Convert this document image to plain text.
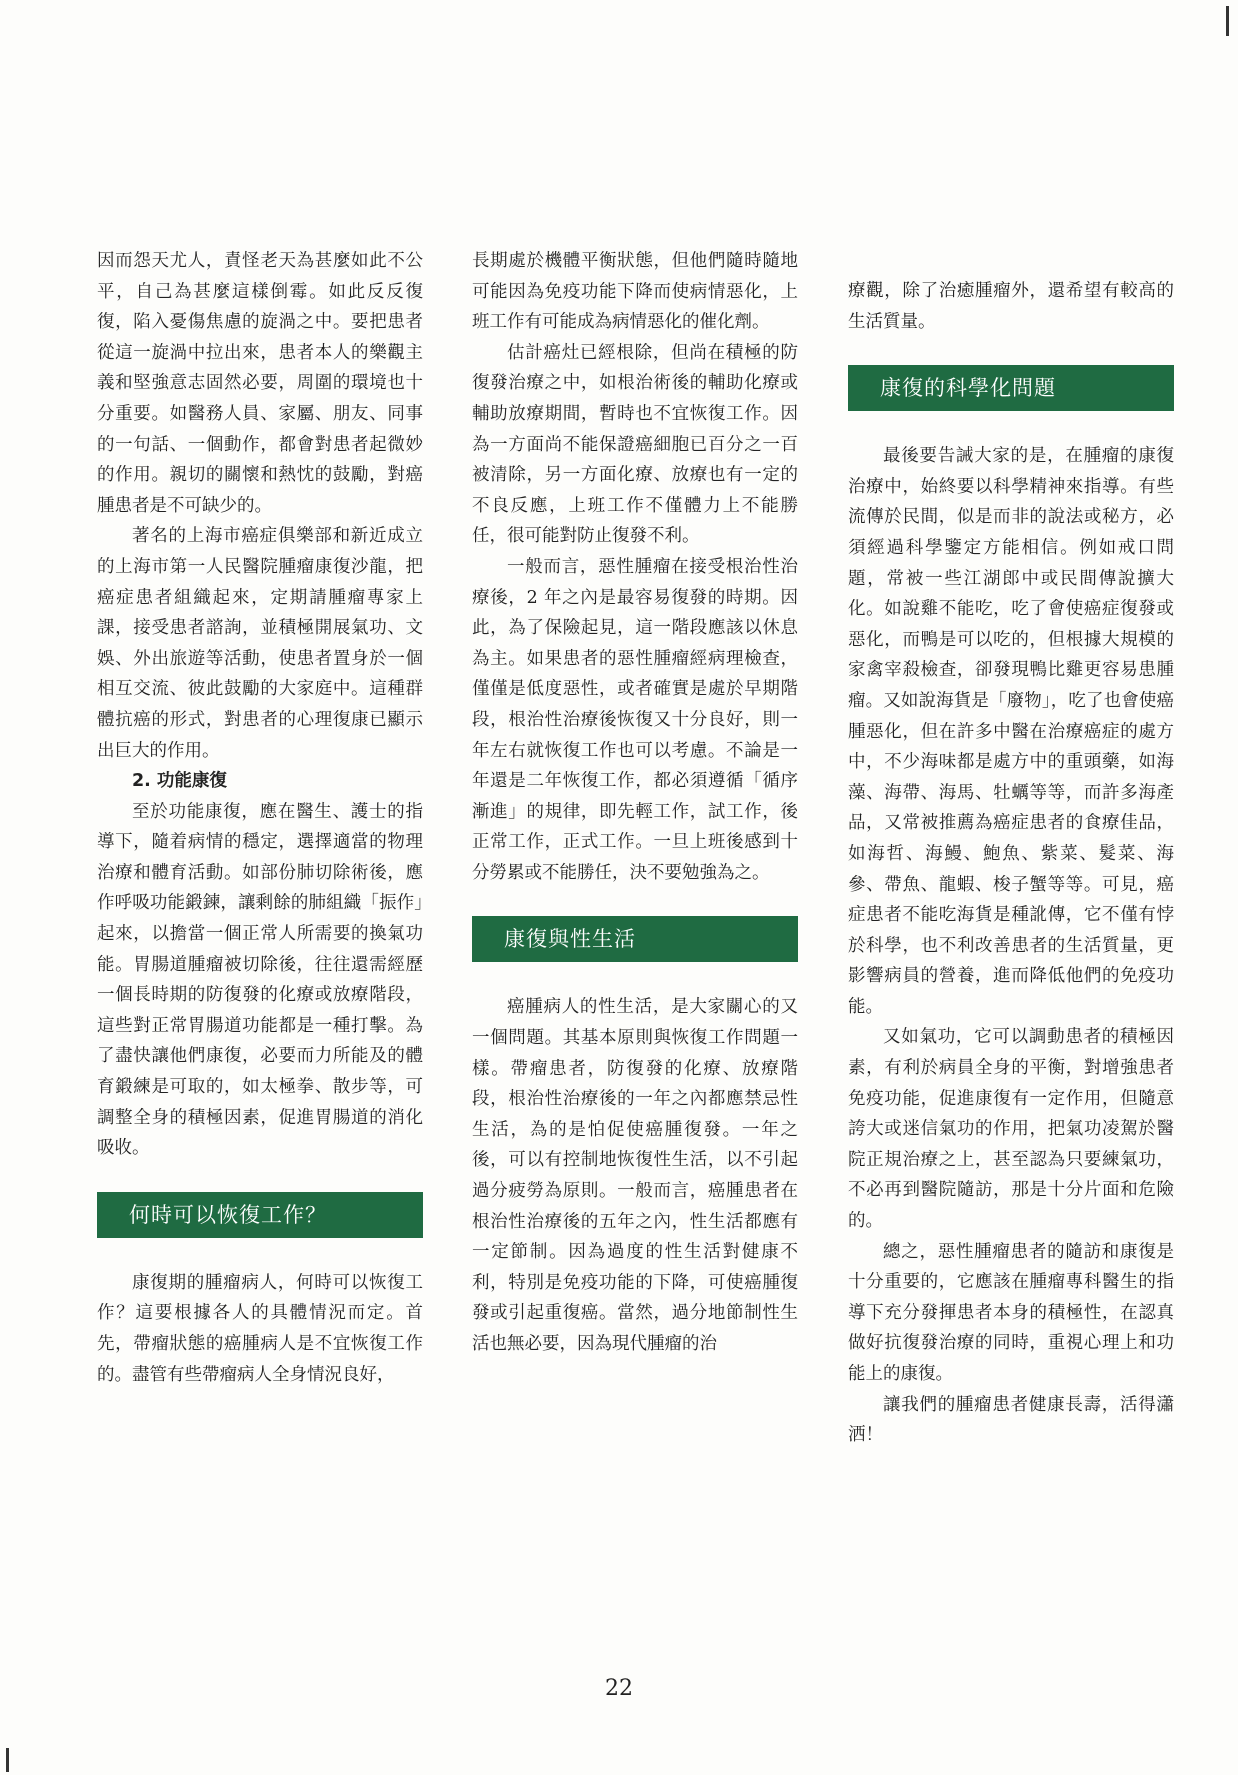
因而怨天尤人，責怪老天為甚麼如此不公平，自己為甚麼這樣倒霉。如此反反復復，陷入憂傷焦慮的旋渦之中。要把患者從這一旋渦中拉出來，患者本人的樂觀主義和堅強意志固然必要，周圍的環境也十分重要。如醫務人員、家屬、朋友、同事的一句話、一個動作，都會對患者起微妙的作用。親切的關懷和熱忱的鼓勵，對癌腫患者是不可缺少的。

著名的上海市癌症俱樂部和新近成立的上海市第一人民醫院腫瘤康復沙龍，把癌症患者組織起來，定期請腫瘤專家上課，接受患者諮詢，並積極開展氣功、文娛、外出旅遊等活動，使患者置身於一個相互交流、彼此鼓勵的大家庭中。這種群體抗癌的形式，對患者的心理復康已顯示出巨大的作用。

2. 功能康復

至於功能康復，應在醫生、護士的指導下，隨着病情的穩定，選擇適當的物理治療和體育活動。如部份肺切除術後，應作呼吸功能鍛鍊，讓剩餘的肺組織「振作」起來，以擔當一個正常人所需要的換氣功能。胃腸道腫瘤被切除後，往往還需經歷一個長時期的防復發的化療或放療階段，這些對正常胃腸道功能都是一種打擊。為了盡快讓他們康復，必要而力所能及的體育鍛練是可取的，如太極拳、散步等，可調整全身的積極因素，促進胃腸道的消化吸收。

何時可以恢復工作？

康復期的腫瘤病人，何時可以恢復工作？這要根據各人的具體情況而定。首先，帶瘤狀態的癌腫病人是不宜恢復工作的。盡管有些帶瘤病人全身情況良好，

長期處於機體平衡狀態，但他們隨時隨地可能因為免疫功能下降而使病情惡化，上班工作有可能成為病情惡化的催化劑。

估計癌灶已經根除，但尚在積極的防復發治療之中，如根治術後的輔助化療或輔助放療期間，暫時也不宜恢復工作。因為一方面尚不能保證癌細胞已百分之一百被清除，另一方面化療、放療也有一定的不良反應，上班工作不僅體力上不能勝任，很可能對防止復發不利。

一般而言，惡性腫瘤在接受根治性治療後，2 年之內是最容易復發的時期。因此，為了保險起見，這一階段應該以休息為主。如果患者的惡性腫瘤經病理檢查，僅僅是低度惡性，或者確實是處於早期階段，根治性治療後恢復又十分良好，則一年左右就恢復工作也可以考慮。不論是一年還是二年恢復工作，都必須遵循「循序漸進」的規律，即先輕工作，試工作，後正常工作，正式工作。一旦上班後感到十分勞累或不能勝任，決不要勉強為之。

康復與性生活

癌腫病人的性生活，是大家關心的又一個問題。其基本原則與恢復工作問題一樣。帶瘤患者，防復發的化療、放療階段，根治性治療後的一年之內都應禁忌性生活，為的是怕促使癌腫復發。一年之後，可以有控制地恢復性生活，以不引起過分疲勞為原則。一般而言，癌腫患者在根治性治療後的五年之內，性生活都應有一定節制。因為過度的性生活對健康不利，特別是免疫功能的下降，可使癌腫復發或引起重復癌。當然，過分地節制性生活也無必要，因為現代腫瘤的治

療觀，除了治癒腫瘤外，還希望有較高的生活質量。

康復的科學化問題

最後要告誡大家的是，在腫瘤的康復治療中，始終要以科學精神來指導。有些流傳於民間，似是而非的說法或秘方，必須經過科學鑒定方能相信。例如戒口問題，常被一些江湖郎中或民間傳說擴大化。如說雞不能吃，吃了會使癌症復發或惡化，而鴨是可以吃的，但根據大規模的家禽宰殺檢查，卻發現鴨比雞更容易患腫瘤。又如說海貨是「廢物」，吃了也會使癌腫惡化，但在許多中醫在治療癌症的處方中，不少海味都是處方中的重頭藥，如海藻、海帶、海馬、牡蠣等等，而許多海產品，又常被推薦為癌症患者的食療佳品，如海哲、海鰻、鮑魚、紫菜、髮菜、海參、帶魚、龍蝦、梭子蟹等等。可見，癌症患者不能吃海貨是種訛傳，它不僅有悖於科學，也不利改善患者的生活質量，更影響病員的營養，進而降低他們的免疫功能。

又如氣功，它可以調動患者的積極因素，有利於病員全身的平衡，對增強患者免疫功能，促進康復有一定作用，但隨意誇大或迷信氣功的作用，把氣功凌駕於醫院正規治療之上，甚至認為只要練氣功，不必再到醫院隨訪，那是十分片面和危險的。

總之，惡性腫瘤患者的隨訪和康復是十分重要的，它應該在腫瘤專科醫生的指導下充分發揮患者本身的積極性，在認真做好抗復發治療的同時，重視心理上和功能上的康復。

讓我們的腫瘤患者健康長壽，活得瀟洒！

22
